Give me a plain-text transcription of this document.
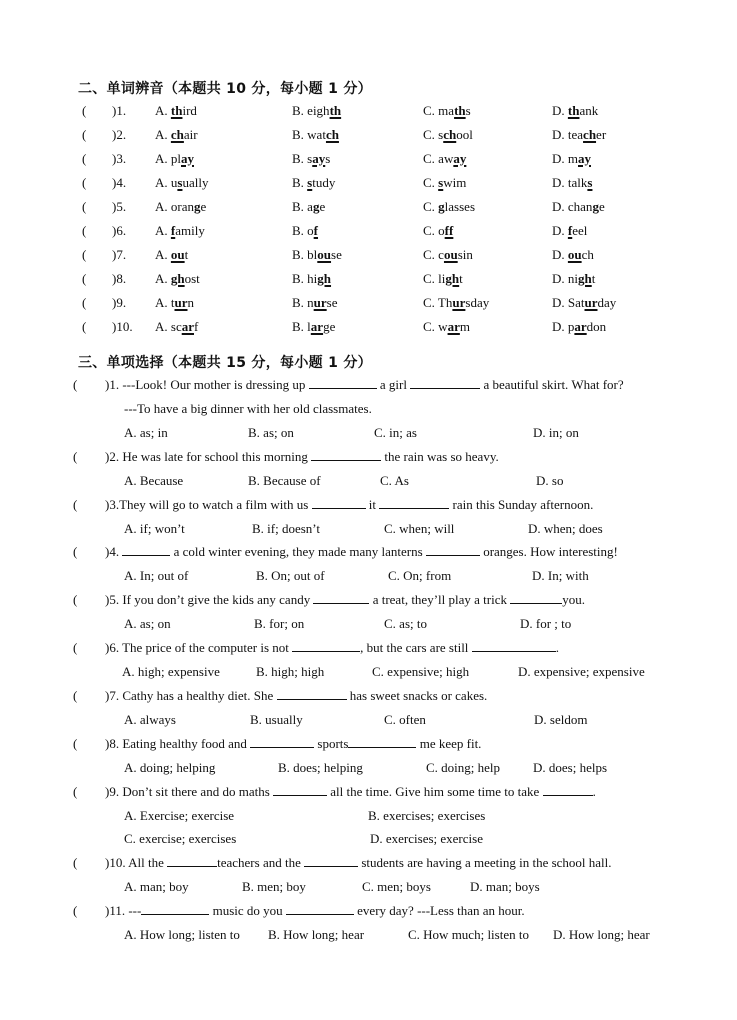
二、单词辨音（本题共 10 分，每小题 1 分）
( )1. A. third	B. eighth	C. maths	D. thank
( )2. A. chair	B. watch	C. school	D. teacher
( )3. A. play	B. says	C. away	D. may
( )4. A. usually	B. study	C. swim	D. talks
( )5. A. orange	B. age	C. glasses	D. change
( )6. A. family	B. of	C. off	D. feel
( )7. A. out	B. blouse	C. cousin	D. ouch
( )8. A. ghost	B. high	C. light	D. night
( )9. A. turn	B. nurse	C. Thursday	D. Saturday
( )10. A. scarf	B. large	C. warm	D. pardon
三、单项选择（本题共 15 分，每小题 1 分）
( )1. ---Look! Our mother is dressing up	a girl	a beautiful skirt. What for?
---To have a big dinner with her old classmates.
A. as; in	B. as; on	C. in; as	D. in; on
( )2. He was late for school this morning	the rain was so heavy.
A. Because	B. Because of	C. As	D. so
( )3.They will go to watch a film with us	it	rain this Sunday afternoon.
A. if; won’t	B. if; doesn’t	C. when; will	D. when; does
( )4.	a cold winter evening, they made many lanterns	oranges. How interesting!
A. In; out of	B. On; out of	C. On; from	D. In; with
( )5. If you don’t give the kids any candy	a treat, they’ll play a trick	you.
A. as; on	B. for; on	C. as; to	D. for ; to
( )6. The price of the computer is not	, but the cars are still	.
A. high; expensive	B. high; high	C. expensive; high	D. expensive; expensive
( )7. Cathy has a healthy diet. She	has sweet snacks or cakes.
A. always	B. usually	C. often	D. seldom
( )8. Eating healthy food and	sports	me keep fit.
A. doing; helping	B. does; helping	C. doing; help	D. does; helps
( )9. Don’t sit there and do maths	all the time. Give him some time to take	.
A. Exercise; exercise	B. exercises; exercises
C. exercise; exercises	D. exercises; exercise
( )10. All the	teachers and the	students are having a meeting in the school hall.
A. man; boy	B. men; boy	C. men; boys	D. man; boys
( )11. ---	music do you	every day? ---Less than an hour.
A. How long; listen to B. How long; hear	C. How much; listen to D. How long; hear
